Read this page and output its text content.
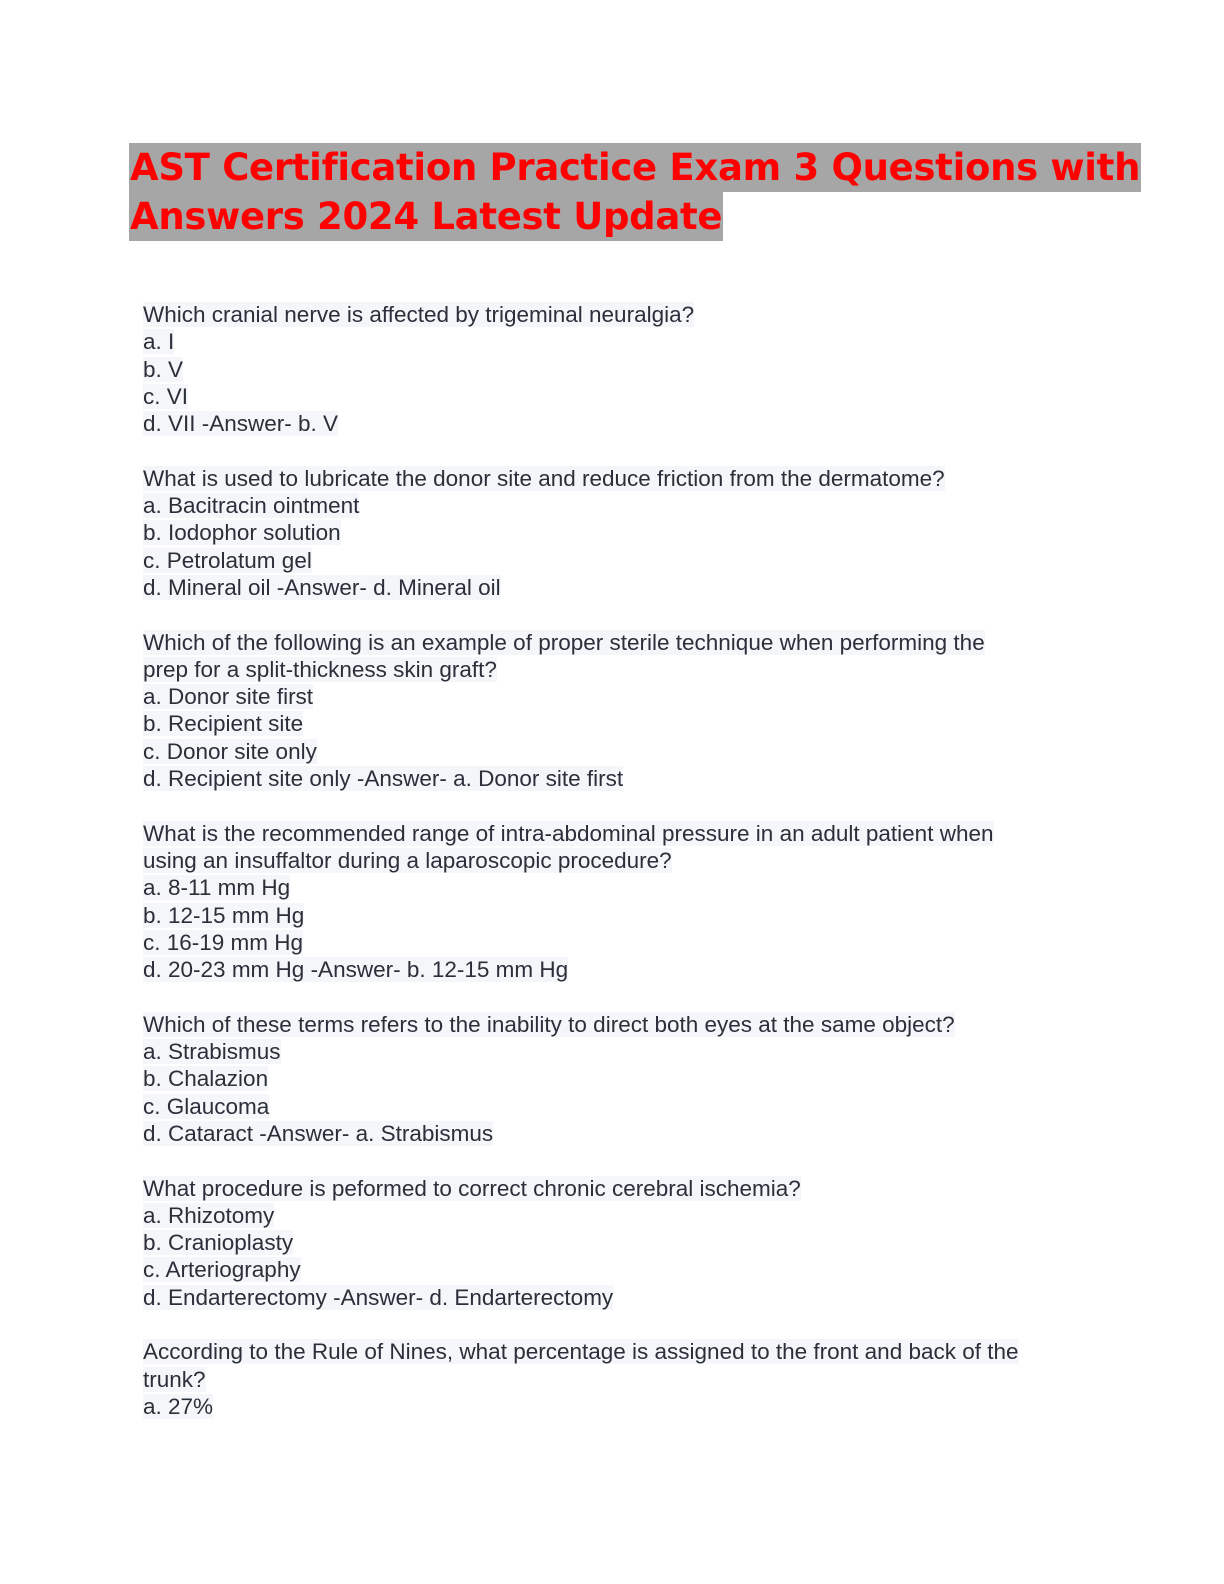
AST Certification Practice Exam 3 Questions with
Answers 2024 Latest Update
Which cranial nerve is affected by trigeminal neuralgia?
a. I
b. V
c. VI
d. VII -Answer- b. V
What is used to lubricate the donor site and reduce friction from the dermatome?
a. Bacitracin ointment
b. Iodophor solution
c. Petrolatum gel
d. Mineral oil -Answer- d. Mineral oil
Which of the following is an example of proper sterile technique when performing the
prep for a split-thickness skin graft?
a. Donor site first
b. Recipient site
c. Donor site only
d. Recipient site only -Answer- a. Donor site first
What is the recommended range of intra-abdominal pressure in an adult patient when
using an insuffaltor during a laparoscopic procedure?
a. 8-11 mm Hg
b. 12-15 mm Hg
c. 16-19 mm Hg
d. 20-23 mm Hg -Answer- b. 12-15 mm Hg
Which of these terms refers to the inability to direct both eyes at the same object?
a. Strabismus
b. Chalazion
c. Glaucoma
d. Cataract -Answer- a. Strabismus
What procedure is peformed to correct chronic cerebral ischemia?
a. Rhizotomy
b. Cranioplasty
c. Arteriography
d. Endarterectomy -Answer- d. Endarterectomy
According to the Rule of Nines, what percentage is assigned to the front and back of the
trunk?
a. 27%
